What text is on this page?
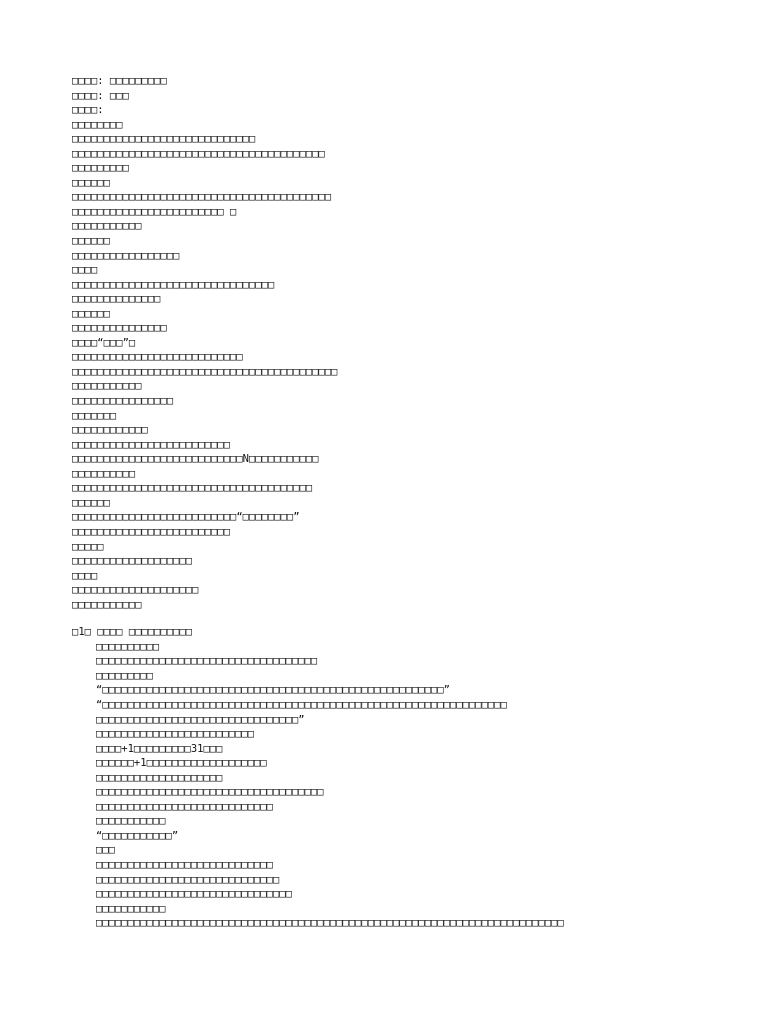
□□□□: □□□□□□□□□
□□□□: □□□
□□□□:
□□□□□□□□
□□□□□□□□□□□□□□□□□□□□□□□□□□□□□
□□□□□□□□□□□□□□□□□□□□□□□□□□□□□□□□□□□□□□□□
□□□□□□□□□
□□□□□□
□□□□□□□□□□□□□□□□□□□□□□□□□□□□□□□□□□□□□□□□□
□□□□□□□□□□□□□□□□□□□□□□□□ □
□□□□□□□□□□□
□□□□□□
□□□□□□□□□□□□□□□□□
□□□□
□□□□□□□□□□□□□□□□□□□□□□□□□□□□□□□□
□□□□□□□□□□□□□□
□□□□□□
□□□□□□□□□□□□□□□
□□□□“□□□”□
□□□□□□□□□□□□□□□□□□□□□□□□□□□
□□□□□□□□□□□□□□□□□□□□□□□□□□□□□□□□□□□□□□□□□□
□□□□□□□□□□□
□□□□□□□□□□□□□□□□
□□□□□□□
□□□□□□□□□□□□
□□□□□□□□□□□□□□□□□□□□□□□□□
□□□□□□□□□□□□□□□□□□□□□□□□□□□N□□□□□□□□□□□
□□□□□□□□□□
□□□□□□□□□□□□□□□□□□□□□□□□□□□□□□□□□□□□□□
□□□□□□
□□□□□□□□□□□□□□□□□□□□□□□□□□“□□□□□□□□”
□□□□□□□□□□□□□□□□□□□□□□□□□
□□□□□
□□□□□□□□□□□□□□□□□□□
□□□□
□□□□□□□□□□□□□□□□□□□□
□□□□□□□□□□□
□1□ □□□□ □□□□□□□□□□
□□□□□□□□□□
□□□□□□□□□□□□□□□□□□□□□□□□□□□□□□□□□□□
□□□□□□□□□
“□□□□□□□□□□□□□□□□□□□□□□□□□□□□□□□□□□□□□□□□□□□□□□□□□□□□□□”
“□□□□□□□□□□□□□□□□□□□□□□□□□□□□□□□□□□□□□□□□□□□□□□□□□□□□□□□□□□□□□□□□
□□□□□□□□□□□□□□□□□□□□□□□□□□□□□□□□”
□□□□□□□□□□□□□□□□□□□□□□□□□
□□□□+1□□□□□□□□□31□□□
□□□□□□+1□□□□□□□□□□□□□□□□□□□
□□□□□□□□□□□□□□□□□□□□
□□□□□□□□□□□□□□□□□□□□□□□□□□□□□□□□□□□□
□□□□□□□□□□□□□□□□□□□□□□□□□□□□
□□□□□□□□□□□
“□□□□□□□□□□□”
□□□
□□□□□□□□□□□□□□□□□□□□□□□□□□□□
□□□□□□□□□□□□□□□□□□□□□□□□□□□□□
□□□□□□□□□□□□□□□□□□□□□□□□□□□□□□□
□□□□□□□□□□□
□□□□□□□□□□□□□□□□□□□□□□□□□□□□□□□□□□□□□□□□□□□□□□□□□□□□□□□□□□□□□□□□□□□□□□□□□□
